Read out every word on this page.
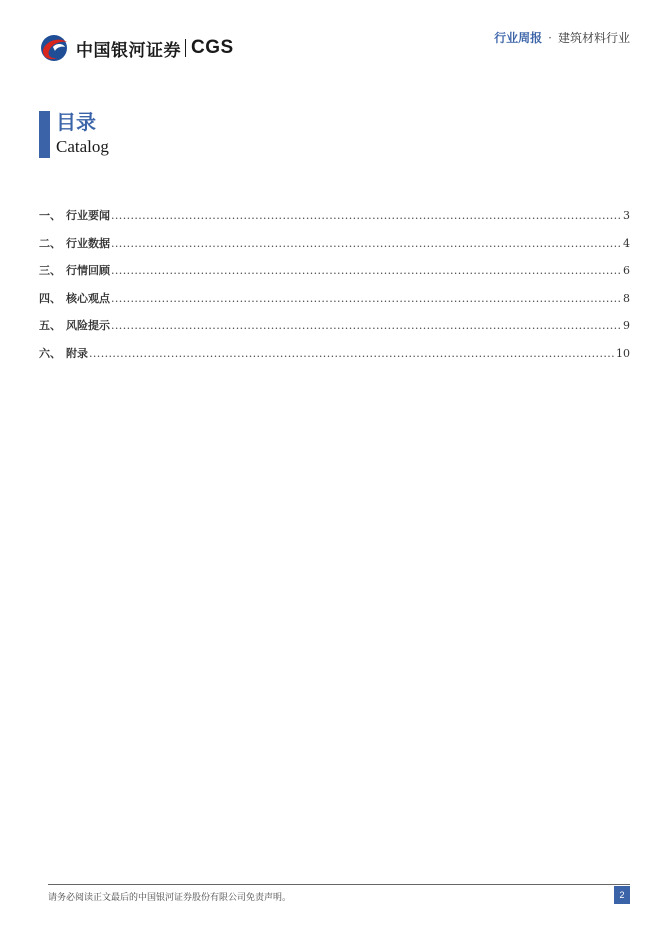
中国银河证券 CGS	行业周报 · 建筑材料行业
目录
Catalog
一、 行业要闻 .....	3
二、 行业数据 .....	4
三、 行情回顾 .....	6
四、 核心观点 .....	8
五、 风险提示 .....	9
六、 附录 .....	10
请务必阅读正文最后的中国银河证券股份有限公司免责声明。	2
